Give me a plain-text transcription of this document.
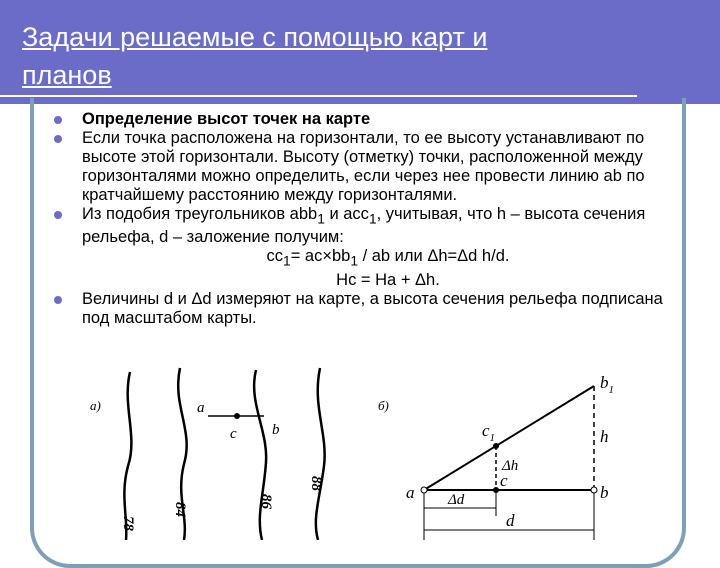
Задачи решаемые с помощью карт и
планов
Определение высот точек на карте
Если точка расположена на горизонтали, то ее высоту устанавливают по высоте этой горизонтали. Высоту (отметку) точки, расположенной между горизонталями можно определить, если через нее провести линию ab по кратчайшему расстоянию между горизонталями.
Из подобия треугольников abb$_1$ и acc$_1$, учитывая, что h – высота сечения рельефа, d – заложение получим:
$cc_1= ac\times bb_1$ / ab или Δh=Δd h/d.
Hc = Ha + Δh.
Величины d и Δd измеряют на карте, а высота сечения рельефа подписана под масштабом карты.
a)	a
b
c
78
84
86
88
б)
$b_1$
$c_1$	h
Δh
a
c
b
Δd
d
